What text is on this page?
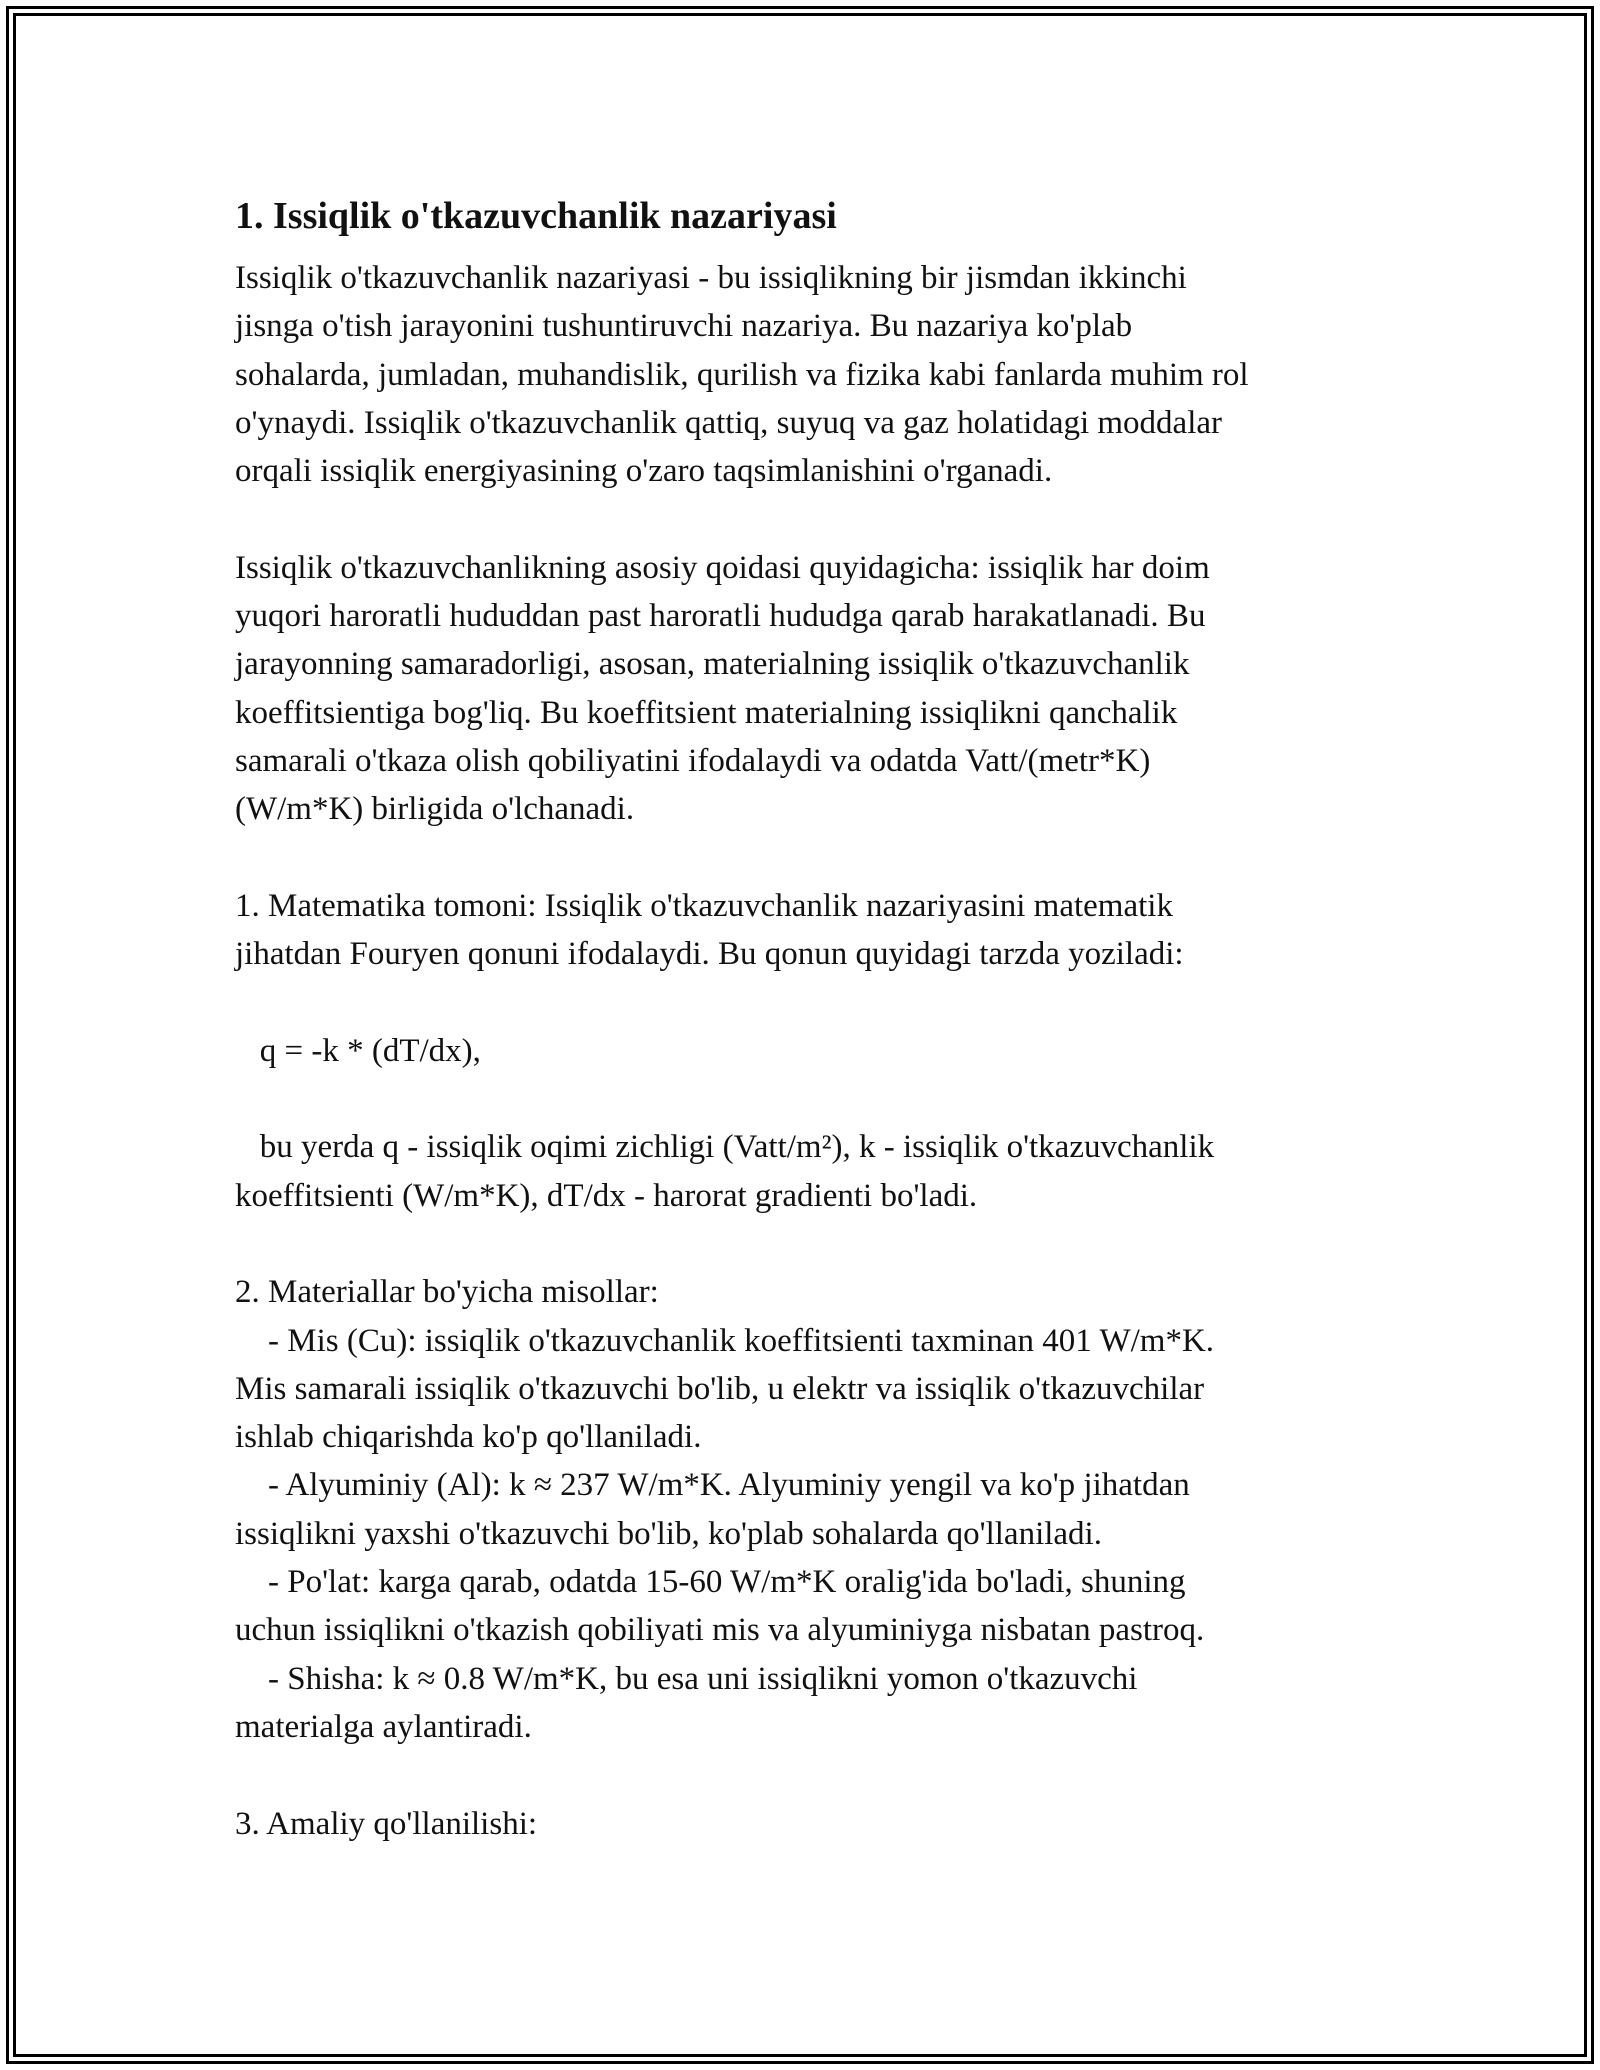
1. Issiqlik o'tkazuvchanlik nazariyasi
Issiqlik o'tkazuvchanlik nazariyasi - bu issiqlikning bir jismdan ikkinchi
jisnga o'tish jarayonini tushuntiruvchi nazariya. Bu nazariya ko'plab
sohalarda, jumladan, muhandislik, qurilish va fizika kabi fanlarda muhim rol
o'ynaydi. Issiqlik o'tkazuvchanlik qattiq, suyuq va gaz holatidagi moddalar
orqali issiqlik energiyasining o'zaro taqsimlanishini o'rganadi.
Issiqlik o'tkazuvchanlikning asosiy qoidasi quyidagicha: issiqlik har doim
yuqori haroratli hududdan past haroratli hududga qarab harakatlanadi. Bu
jarayonning samaradorligi, asosan, materialning issiqlik o'tkazuvchanlik
koeffitsientiga bog'liq. Bu koeffitsient materialning issiqlikni qanchalik
samarali o'tkaza olish qobiliyatini ifodalaydi va odatda Vatt/(metr*K)
(W/m*K) birligida o'lchanadi.
1. Matematika tomoni: Issiqlik o'tkazuvchanlik nazariyasini matematik
jihatdan Fouryen qonuni ifodalaydi. Bu qonun quyidagi tarzda yoziladi:
q = -k * (dT/dx),
bu yerda q - issiqlik oqimi zichligi (Vatt/m²), k - issiqlik o'tkazuvchanlik
koeffitsienti (W/m*K), dT/dx - harorat gradienti bo'ladi.
2. Materiallar bo'yicha misollar:
- Mis (Cu): issiqlik o'tkazuvchanlik koeffitsienti taxminan 401 W/m*K.
Mis samarali issiqlik o'tkazuvchi bo'lib, u elektr va issiqlik o'tkazuvchilar
ishlab chiqarishda ko'p qo'llaniladi.
- Alyuminiy (Al): k ≈ 237 W/m*K. Alyuminiy yengil va ko'p jihatdan
issiqlikni yaxshi o'tkazuvchi bo'lib, ko'plab sohalarda qo'llaniladi.
- Po'lat: karga qarab, odatda 15-60 W/m*K oralig'ida bo'ladi, shuning
uchun issiqlikni o'tkazish qobiliyati mis va alyuminiyga nisbatan pastroq.
- Shisha: k ≈ 0.8 W/m*K, bu esa uni issiqlikni yomon o'tkazuvchi
materialga aylantiradi.
3. Amaliy qo'llanilishi:
